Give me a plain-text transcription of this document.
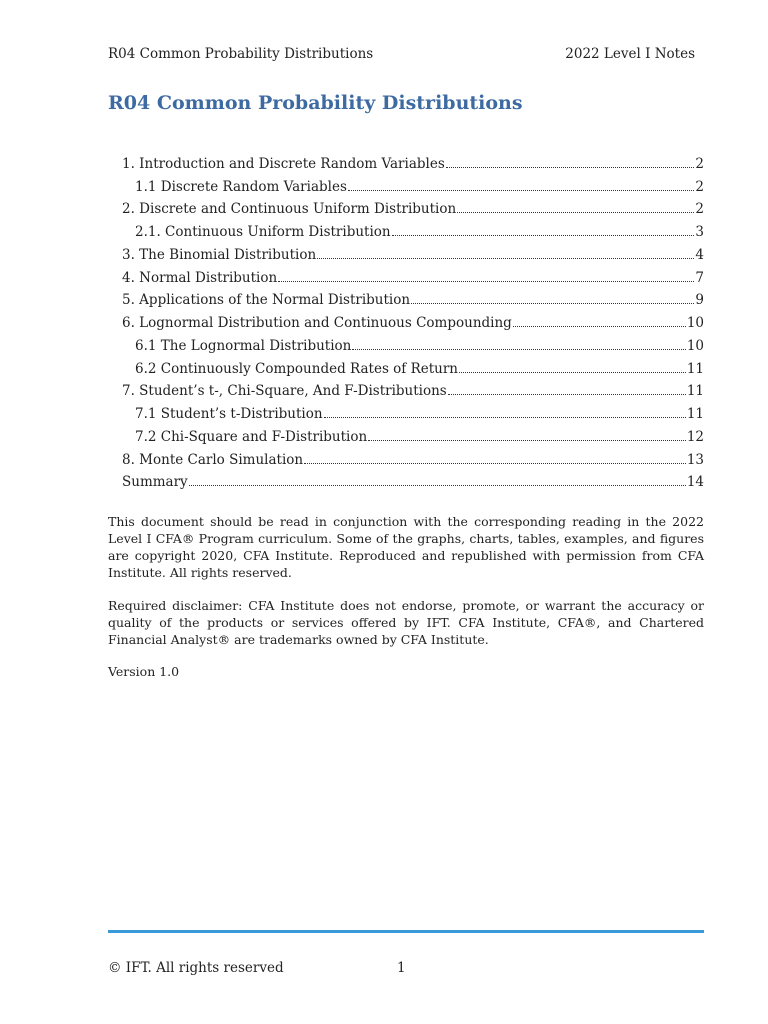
R04 Common Probability Distributions	2022 Level I Notes
R04 Common Probability Distributions
1. Introduction and Discrete Random Variables	2
1.1 Discrete Random Variables	2
2. Discrete and Continuous Uniform Distribution	2
2.1. Continuous Uniform Distribution	3
3. The Binomial Distribution	4
4. Normal Distribution	7
5. Applications of the Normal Distribution	9
6. Lognormal Distribution and Continuous Compounding	10
6.1 The Lognormal Distribution	10
6.2 Continuously Compounded Rates of Return	11
7. Student’s t-, Chi-Square, And F-Distributions	11
7.1 Student’s t-Distribution	11
7.2 Chi-Square and F-Distribution	12
8. Monte Carlo Simulation	13
Summary	14

This document should be read in conjunction with the corresponding reading in the 2022 Level I CFA® Program curriculum. Some of the graphs, charts, tables, examples, and figures are copyright 2020, CFA Institute. Reproduced and republished with permission from CFA Institute. All rights reserved.

Required disclaimer: CFA Institute does not endorse, promote, or warrant the accuracy or quality of the products or services offered by IFT. CFA Institute, CFA®, and Chartered Financial Analyst® are trademarks owned by CFA Institute.

Version 1.0

© IFT. All rights reserved	1
